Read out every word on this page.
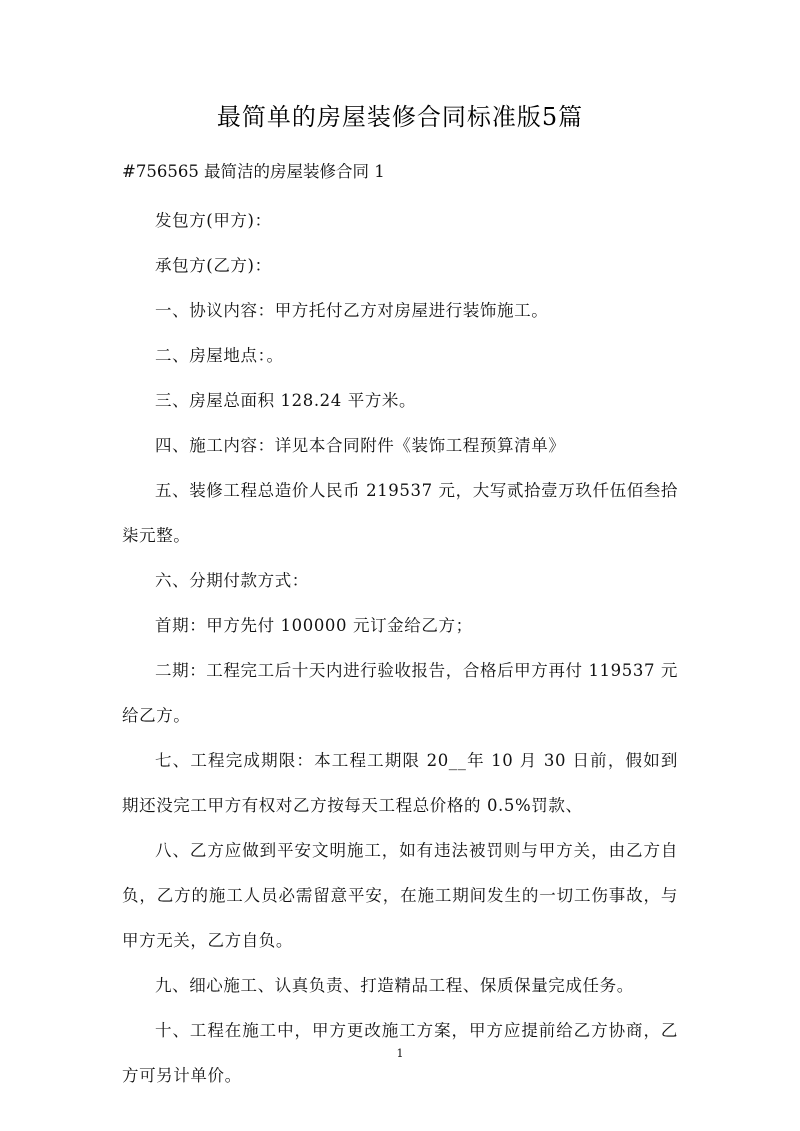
最简单的房屋装修合同标准版5篇
#756565 最简洁的房屋装修合同 1

发包方(甲方)：

承包方(乙方)：

一、协议内容：甲方托付乙方对房屋进行装饰施工。

二、房屋地点：。

三、房屋总面积 128.24 平方米。

四、施工内容：详见本合同附件《装饰工程预算清单》

五、装修工程总造价人民币 219537 元，大写贰拾壹万玖仟伍佰叁拾柒元整。

六、分期付款方式：

首期：甲方先付 100000 元订金给乙方；

二期：工程完工后十天内进行验收报告，合格后甲方再付 119537 元给乙方。

七、工程完成期限：本工程工期限 20__年 10 月 30 日前，假如到期还没完工甲方有权对乙方按每天工程总价格的 0.5%罚款、

八、乙方应做到平安文明施工，如有违法被罚则与甲方关，由乙方自负，乙方的施工人员必需留意平安，在施工期间发生的一切工伤事故，与甲方无关，乙方自负。

九、细心施工、认真负责、打造精品工程、保质保量完成任务。

十、工程在施工中，甲方更改施工方案，甲方应提前给乙方协商，乙方可另计单价。

1
